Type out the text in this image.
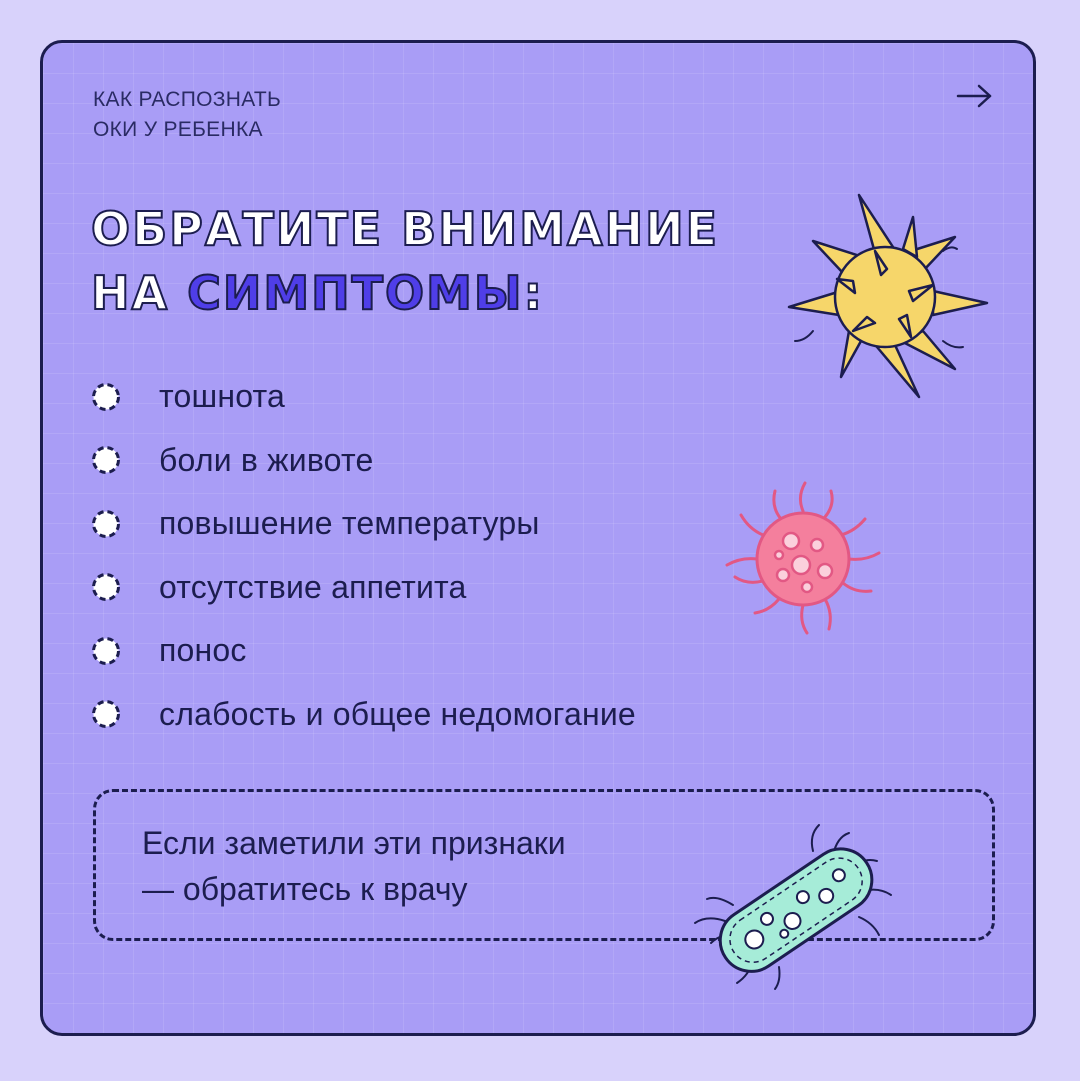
КАК РАСПОЗНАТЬ
ОКИ У РЕБЕНКА
ОБРАТИТЕ ВНИМАНИЕ
НА СИМПТОМЫ:
тошнота
боли в животе
повышение температуры
отсутствие аппетита
понос
слабость и общее недомогание
Если заметили эти признаки
— обратитесь к врачу
